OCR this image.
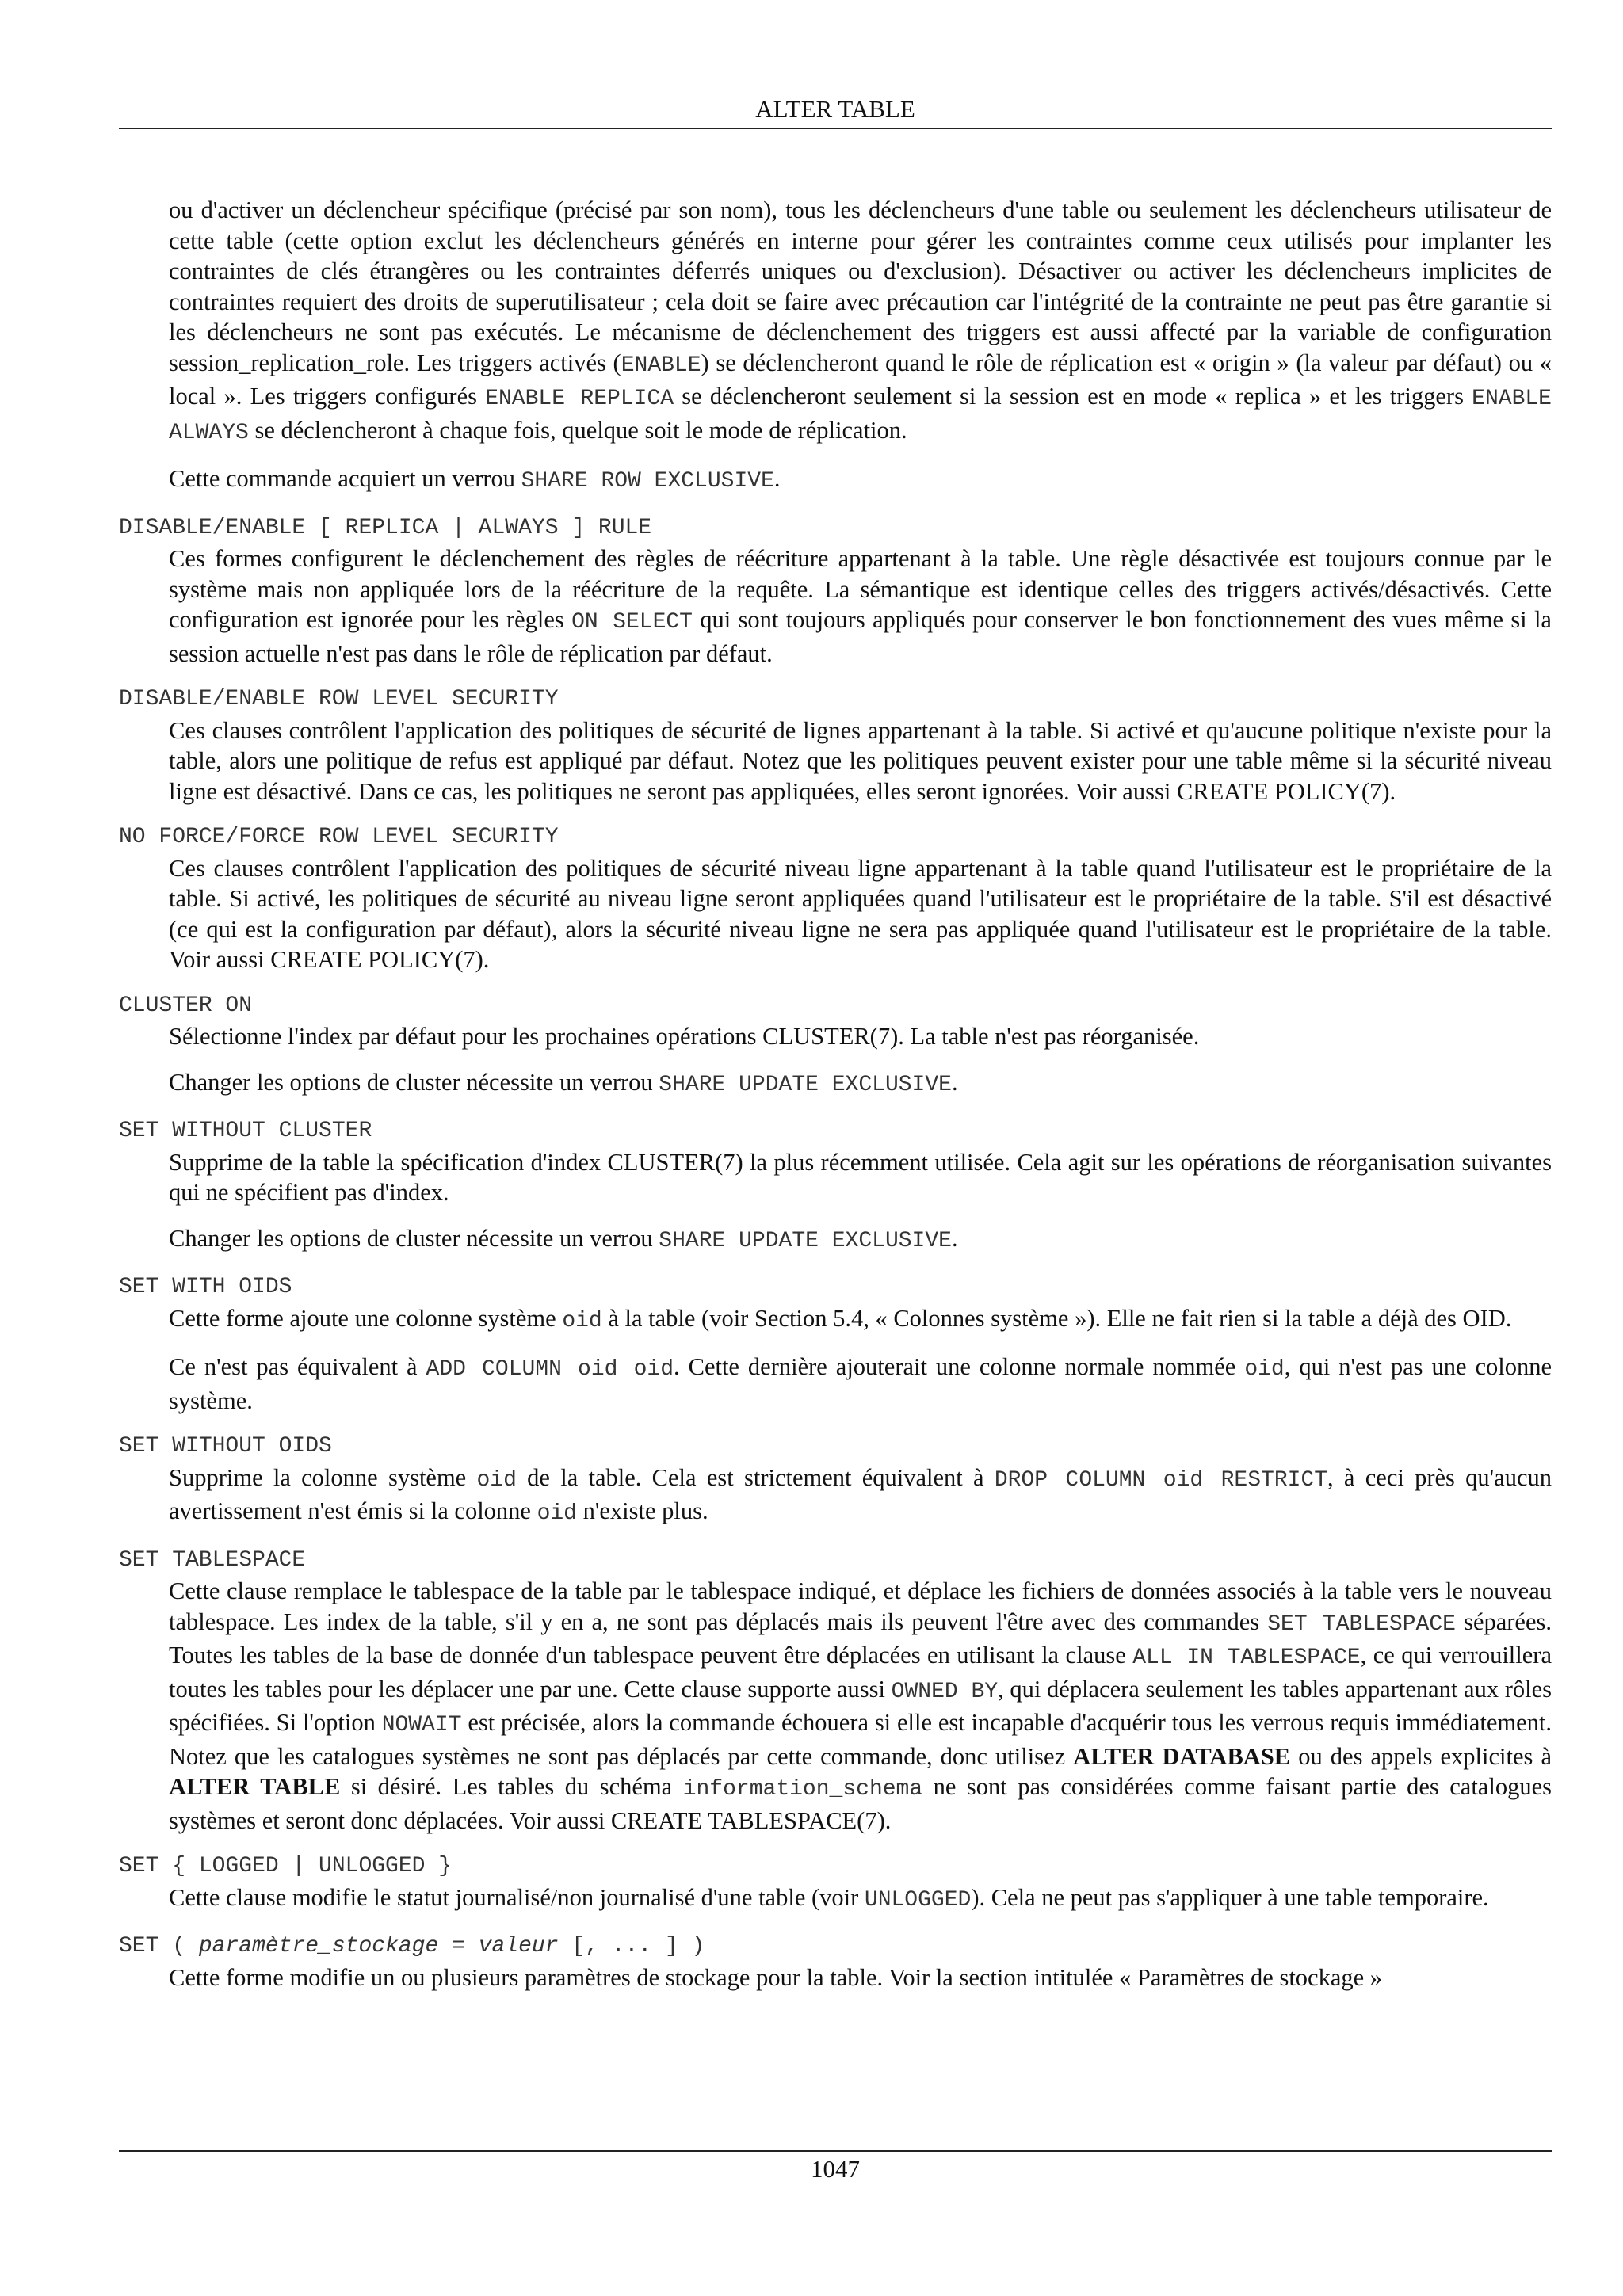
ALTER TABLE

ou d'activer un déclencheur spécifique (précisé par son nom), tous les déclencheurs d'une table ou seulement les déclencheurs utilisateur de cette table (cette option exclut les déclencheurs générés en interne pour gérer les contraintes comme ceux utilisés pour implanter les contraintes de clés étrangères ou les contraintes déferrés uniques ou d'exclusion). Désactiver ou activer les déclencheurs implicites de contraintes requiert des droits de superutilisateur ; cela doit se faire avec précaution car l'intégrité de la contrainte ne peut pas être garantie si les déclencheurs ne sont pas exécutés. Le mécanisme de déclenchement des triggers est aussi affecté par la variable de configuration session_replication_role. Les triggers activés (ENABLE) se déclencheront quand le rôle de réplication est « origin » (la valeur par défaut) ou « local ». Les triggers configurés ENABLE REPLICA se déclencheront seulement si la session est en mode « replica » et les triggers ENABLE ALWAYS se déclencheront à chaque fois, quelque soit le mode de réplication.

Cette commande acquiert un verrou SHARE ROW EXCLUSIVE.

DISABLE/ENABLE [ REPLICA | ALWAYS ] RULE

Ces formes configurent le déclenchement des règles de réécriture appartenant à la table. Une règle désactivée est toujours connue par le système mais non appliquée lors de la réécriture de la requête. La sémantique est identique celles des triggers activés/désactivés. Cette configuration est ignorée pour les règles ON SELECT qui sont toujours appliqués pour conserver le bon fonctionnement des vues même si la session actuelle n'est pas dans le rôle de réplication par défaut.

DISABLE/ENABLE ROW LEVEL SECURITY

Ces clauses contrôlent l'application des politiques de sécurité de lignes appartenant à la table. Si activé et qu'aucune politique n'existe pour la table, alors une politique de refus est appliqué par défaut. Notez que les politiques peuvent exister pour une table même si la sécurité niveau ligne est désactivé. Dans ce cas, les politiques ne seront pas appliquées, elles seront ignorées. Voir aussi CREATE POLICY(7).

NO FORCE/FORCE ROW LEVEL SECURITY

Ces clauses contrôlent l'application des politiques de sécurité niveau ligne appartenant à la table quand l'utilisateur est le propriétaire de la table. Si activé, les politiques de sécurité au niveau ligne seront appliquées quand l'utilisateur est le propriétaire de la table. S'il est désactivé (ce qui est la configuration par défaut), alors la sécurité niveau ligne ne sera pas appliquée quand l'utilisateur est le propriétaire de la table. Voir aussi CREATE POLICY(7).

CLUSTER ON

Sélectionne l'index par défaut pour les prochaines opérations CLUSTER(7). La table n'est pas réorganisée.

Changer les options de cluster nécessite un verrou SHARE UPDATE EXCLUSIVE.

SET WITHOUT CLUSTER

Supprime de la table la spécification d'index CLUSTER(7) la plus récemment utilisée. Cela agit sur les opérations de réorganisation suivantes qui ne spécifient pas d'index.

Changer les options de cluster nécessite un verrou SHARE UPDATE EXCLUSIVE.

SET WITH OIDS

Cette forme ajoute une colonne système oid à la table (voir Section 5.4, « Colonnes système »). Elle ne fait rien si la table a déjà des OID.

Ce n'est pas équivalent à ADD COLUMN oid oid. Cette dernière ajouterait une colonne normale nommée oid, qui n'est pas une colonne système.

SET WITHOUT OIDS

Supprime la colonne système oid de la table. Cela est strictement équivalent à DROP COLUMN oid RESTRICT, à ceci près qu'aucun avertissement n'est émis si la colonne oid n'existe plus.

SET TABLESPACE

Cette clause remplace le tablespace de la table par le tablespace indiqué, et déplace les fichiers de données associés à la table vers le nouveau tablespace. Les index de la table, s'il y en a, ne sont pas déplacés mais ils peuvent l'être avec des commandes SET TABLESPACE séparées. Toutes les tables de la base de donnée d'un tablespace peuvent être déplacées en utilisant la clause ALL IN TABLESPACE, ce qui verrouillera toutes les tables pour les déplacer une par une. Cette clause supporte aussi OWNED BY, qui déplacera seulement les tables appartenant aux rôles spécifiées. Si l'option NOWAIT est précisée, alors la commande échouera si elle est incapable d'acquérir tous les verrous requis immédiatement. Notez que les catalogues systèmes ne sont pas déplacés par cette commande, donc utilisez ALTER DATABASE ou des appels explicites à ALTER TABLE si désiré. Les tables du schéma information_schema ne sont pas considérées comme faisant partie des catalogues systèmes et seront donc déplacées. Voir aussi CREATE TABLESPACE(7).

SET { LOGGED | UNLOGGED }

Cette clause modifie le statut journalisé/non journalisé d'une table (voir UNLOGGED). Cela ne peut pas s'appliquer à une table temporaire.

SET ( paramètre_stockage = valeur [, ... ] )

Cette forme modifie un ou plusieurs paramètres de stockage pour la table. Voir la section intitulée « Paramètres de stockage »

1047
